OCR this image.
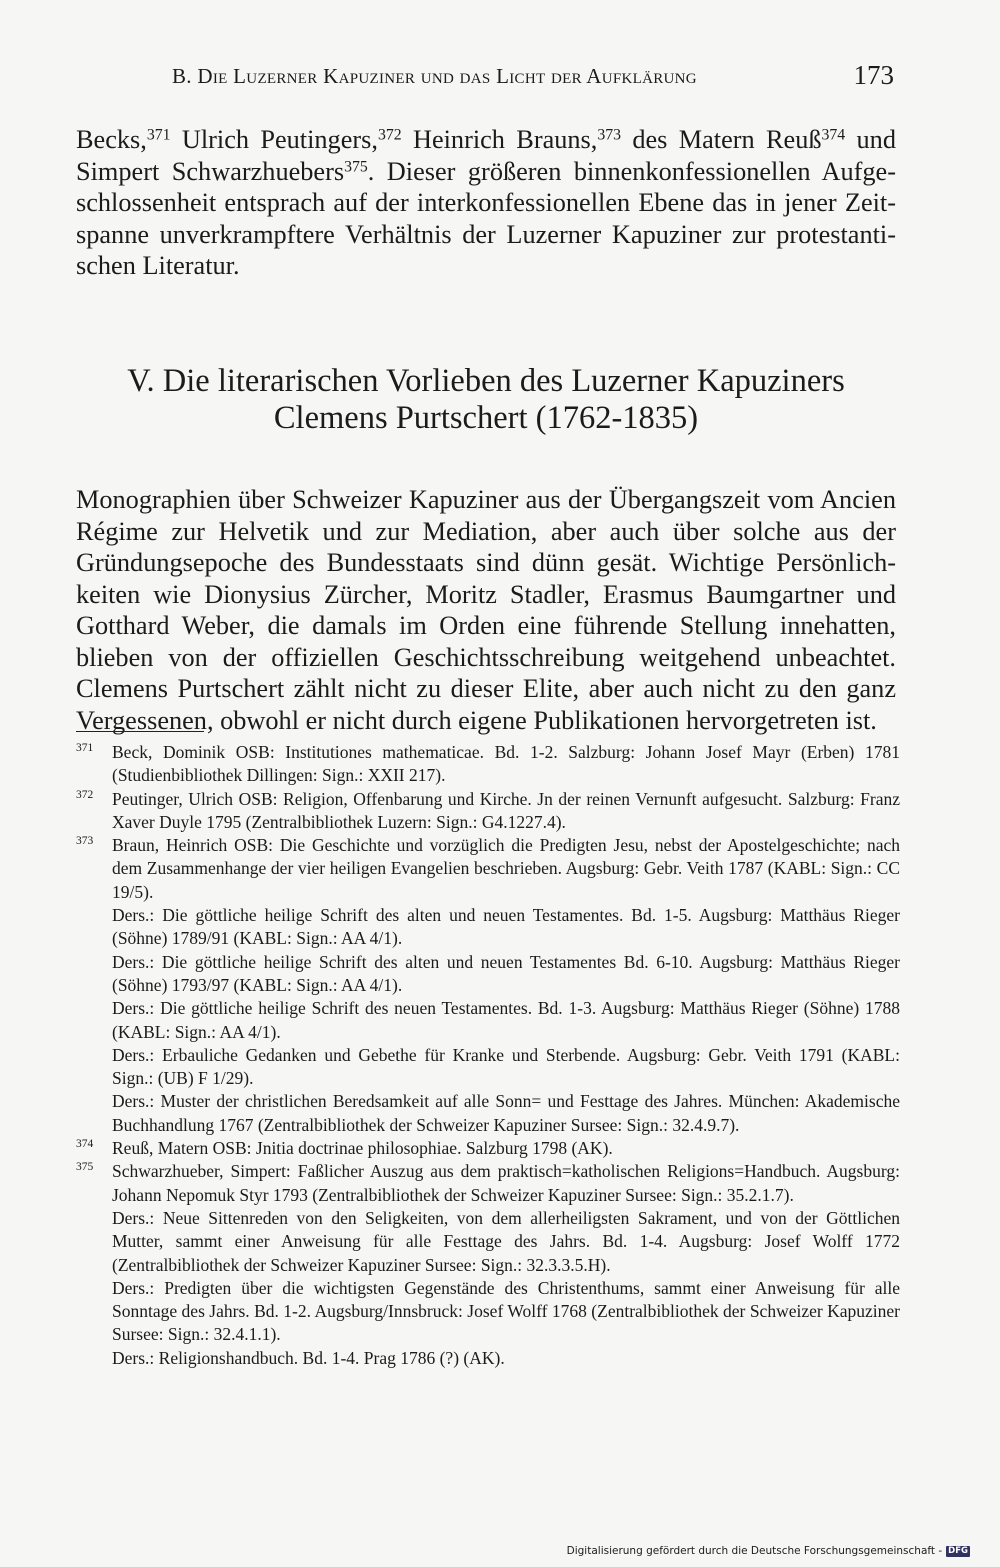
B. Die Luzerner Kapuziner und das Licht der Aufklärung	173

Becks,$^{371}$ Ulrich Peutingers,$^{372}$ Heinrich Brauns,$^{373}$ des Matern Reuß$^{374}$ und Simpert Schwarzhuebers$^{375}$. Dieser größeren binnenkonfessionellen Aufgeschlossenheit entsprach auf der interkonfessionellen Ebene das in jener Zeitspanne unverkrampftere Verhältnis der Luzerner Kapuziner zur protestantischen Literatur.

V. Die literarischen Vorlieben des Luzerner Kapuziners
Clemens Purtschert (1762-1835)

Monographien über Schweizer Kapuziner aus der Übergangszeit vom Ancien Régime zur Helvetik und zur Mediation, aber auch über solche aus der Gründungsepoche des Bundesstaats sind dünn gesät. Wichtige Persönlichkeiten wie Dionysius Zürcher, Moritz Stadler, Erasmus Baumgartner und Gotthard Weber, die damals im Orden eine führende Stellung innehatten, blieben von der offiziellen Geschichtsschreibung weitgehend unbeachtet. Clemens Purtschert zählt nicht zu dieser Elite, aber auch nicht zu den ganz Vergessenen, obwohl er nicht durch eigene Publikationen hervorgetreten ist.

371 Beck, Dominik OSB: Institutiones mathematicae. Bd. 1-2. Salzburg: Johann Josef Mayr (Erben) 1781 (Studienbibliothek Dillingen: Sign.: XXII 217).
372 Peutinger, Ulrich OSB: Religion, Offenbarung und Kirche. Jn der reinen Vernunft aufgesucht. Salzburg: Franz Xaver Duyle 1795 (Zentralbibliothek Luzern: Sign.: G4.1227.4).
373 Braun, Heinrich OSB: Die Geschichte und vorzüglich die Predigten Jesu, nebst der Apostelgeschichte; nach dem Zusammenhange der vier heiligen Evangelien beschrieben. Augsburg: Gebr. Veith 1787 (KABL: Sign.: CC 19/5).
Ders.: Die göttliche heilige Schrift des alten und neuen Testamentes. Bd. 1-5. Augsburg: Matthäus Rieger (Söhne) 1789/91 (KABL: Sign.: AA 4/1).
Ders.: Die göttliche heilige Schrift des alten und neuen Testamentes Bd. 6-10. Augsburg: Matthäus Rieger (Söhne) 1793/97 (KABL: Sign.: AA 4/1).
Ders.: Die göttliche heilige Schrift des neuen Testamentes. Bd. 1-3. Augsburg: Matthäus Rieger (Söhne) 1788 (KABL: Sign.: AA 4/1).
Ders.: Erbauliche Gedanken und Gebethe für Kranke und Sterbende. Augsburg: Gebr. Veith 1791 (KABL: Sign.: (UB) F 1/29).
Ders.: Muster der christlichen Beredsamkeit auf alle Sonn= und Festtage des Jahres. München: Akademische Buchhandlung 1767 (Zentralbibliothek der Schweizer Kapuziner Sursee: Sign.: 32.4.9.7).
374 Reuß, Matern OSB: Jnitia doctrinae philosophiae. Salzburg 1798 (AK).
375 Schwarzhueber, Simpert: Faßlicher Auszug aus dem praktisch=katholischen Religions=Handbuch. Augsburg: Johann Nepomuk Styr 1793 (Zentralbibliothek der Schweizer Kapuziner Sursee: Sign.: 35.2.1.7).
Ders.: Neue Sittenreden von den Seligkeiten, von dem allerheiligsten Sakrament, und von der Göttlichen Mutter, sammt einer Anweisung für alle Festtage des Jahrs. Bd. 1-4. Augsburg: Josef Wolff 1772 (Zentralbibliothek der Schweizer Kapuziner Sursee: Sign.: 32.3.3.5.H).
Ders.: Predigten über die wichtigsten Gegenstände des Christenthums, sammt einer Anweisung für alle Sonntage des Jahrs. Bd. 1-2. Augsburg/Innsbruck: Josef Wolff 1768 (Zentralbibliothek der Schweizer Kapuziner Sursee: Sign.: 32.4.1.1).
Ders.: Religionshandbuch. Bd. 1-4. Prag 1786 (?) (AK).
Digitalisierung gefördert durch die Deutsche Forschungsgemeinschaft - DFG
